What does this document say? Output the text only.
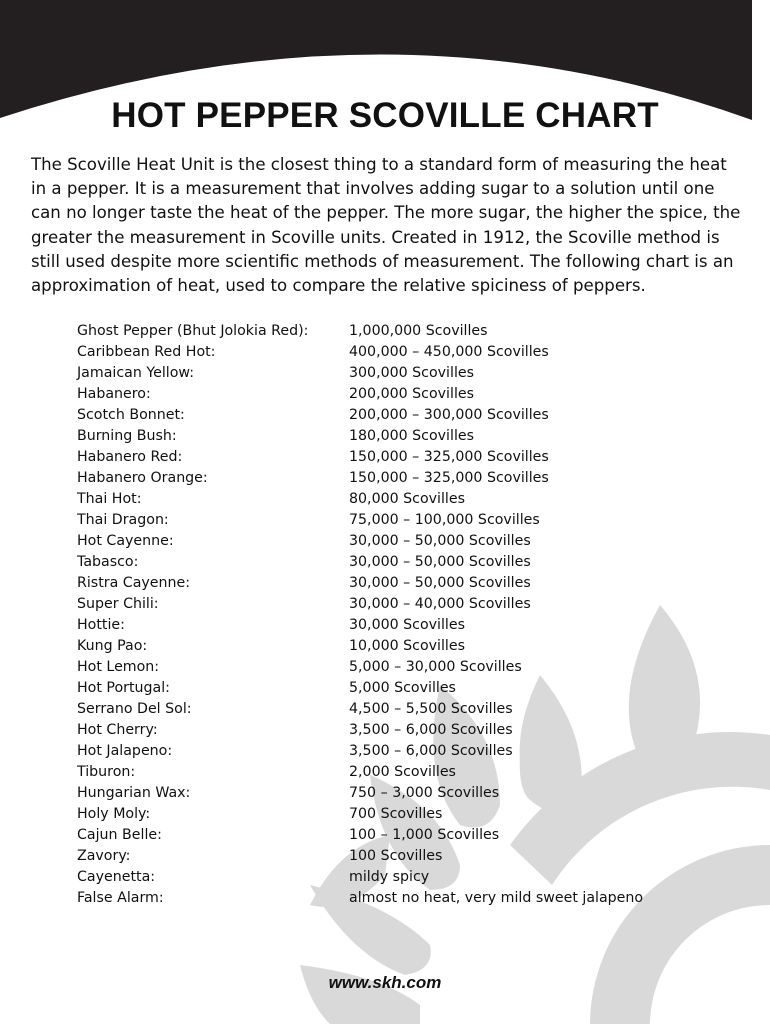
HOT PEPPER SCOVILLE CHART

The Scoville Heat Unit is the closest thing to a standard form of measuring the heat in a pepper. It is a measurement that involves adding sugar to a solution until one can no longer taste the heat of the pepper. The more sugar, the higher the spice, the greater the measurement in Scoville units. Created in 1912, the Scoville method is still used despite more scientific methods of measurement. The following chart is an approximation of heat, used to compare the relative spiciness of peppers.

Ghost Pepper (Bhut Jolokia Red):	1,000,000 Scovilles
Caribbean Red Hot:	400,000 – 450,000 Scovilles
Jamaican Yellow:	300,000 Scovilles
Habanero:	200,000 Scovilles
Scotch Bonnet:	200,000 – 300,000 Scovilles
Burning Bush:	180,000 Scovilles
Habanero Red:	150,000 – 325,000 Scovilles
Habanero Orange:	150,000 – 325,000 Scovilles
Thai Hot:	80,000 Scovilles
Thai Dragon:	75,000 – 100,000 Scovilles
Hot Cayenne:	30,000 – 50,000 Scovilles
Tabasco:	30,000 – 50,000 Scovilles
Ristra Cayenne:	30,000 – 50,000 Scovilles
Super Chili:	30,000 – 40,000 Scovilles
Hottie:	30,000 Scovilles
Kung Pao:	10,000 Scovilles
Hot Lemon:	5,000 – 30,000 Scovilles
Hot Portugal:	5,000 Scovilles
Serrano Del Sol:	4,500 – 5,500 Scovilles
Hot Cherry:	3,500 – 6,000 Scovilles
Hot Jalapeno:	3,500 – 6,000 Scovilles
Tiburon:	2,000 Scovilles
Hungarian Wax:	750 – 3,000 Scovilles
Holy Moly:	700 Scovilles
Cajun Belle:	100 – 1,000 Scovilles
Zavory:	100 Scovilles
Cayenetta:	mildy spicy
False Alarm:	almost no heat, very mild sweet jalapeno
www.skh.com
